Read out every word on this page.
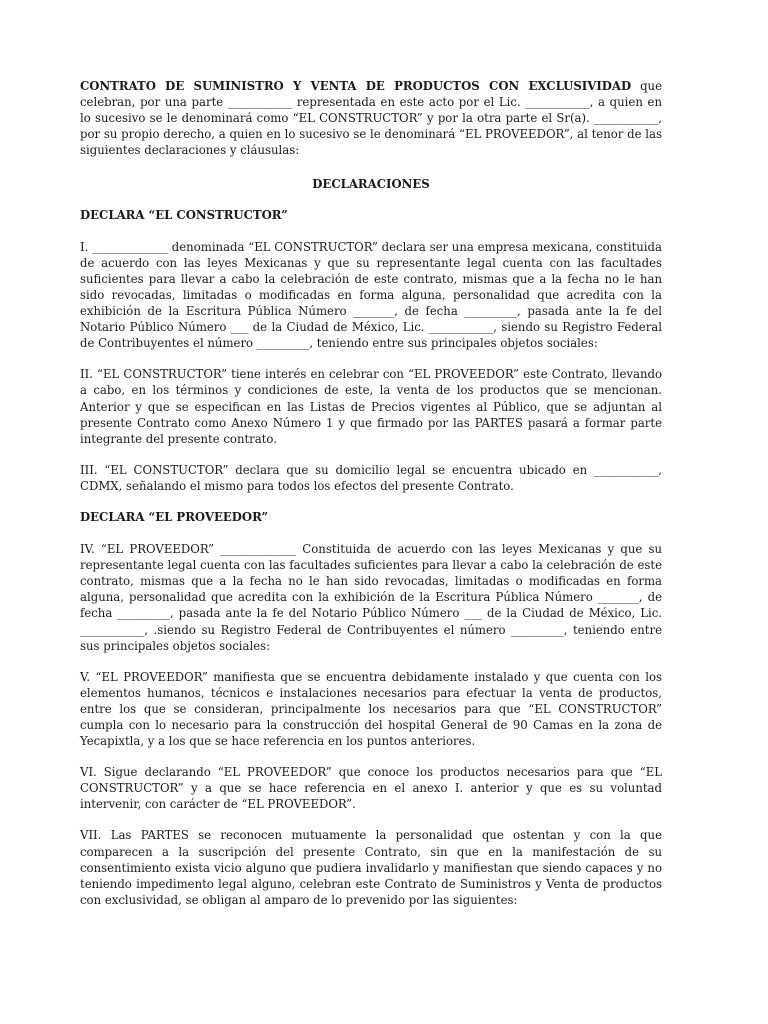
CONTRATO DE SUMINISTRO Y VENTA DE PRODUCTOS CON EXCLUSIVIDAD que celebran, por una parte ___________ representada en este acto por el Lic. ___________, a quien en lo sucesivo se le denominará como “EL CONSTRUCTOR” y por la otra parte el Sr(a). ___________, por su propio derecho, a quien en lo sucesivo se le denominará “EL PROVEEDOR”, al tenor de las siguientes declaraciones y cláusulas:

DECLARACIONES

DECLARA “EL CONSTRUCTOR”

I. _____________ denominada “EL CONSTRUCTOR” declara ser una empresa mexicana, constituida de acuerdo con las leyes Mexicanas y que su representante legal cuenta con las facultades suficientes para llevar a cabo la celebración de este contrato, mismas que a la fecha no le han sido revocadas, limitadas o modificadas en forma alguna, personalidad que acredita con la exhibición de la Escritura Pública Número _______, de fecha _________, pasada ante la fe del Notario Público Número ___ de la Ciudad de México, Lic. ___________, siendo su Registro Federal de Contribuyentes el número _________, teniendo entre sus principales objetos sociales:

II. “EL CONSTRUCTOR” tiene interés en celebrar con “EL PROVEEDOR” este Contrato, llevando a cabo, en los términos y condiciones de este, la venta de los productos que se mencionan. Anterior y que se especifican en las Listas de Precios vigentes al Público, que se adjuntan al presente Contrato como Anexo Número 1 y que firmado por las PARTES pasará a formar parte integrante del presente contrato.

III. “EL CONSTUCTOR” declara que su domicilio legal se encuentra ubicado en ___________, CDMX, señalando el mismo para todos los efectos del presente Contrato.

DECLARA “EL PROVEEDOR”

IV. “EL PROVEEDOR” _____________ Constituida de acuerdo con las leyes Mexicanas y que su representante legal cuenta con las facultades suficientes para llevar a cabo la celebración de este contrato, mismas que a la fecha no le han sido revocadas, limitadas o modificadas en forma alguna, personalidad que acredita con la exhibición de la Escritura Pública Número _______, de fecha _________, pasada ante la fe del Notario Público Número ___ de la Ciudad de México, Lic. ___________, .siendo su Registro Federal de Contribuyentes el número _________, teniendo entre sus principales objetos sociales:

V. “EL PROVEEDOR” manifiesta que se encuentra debidamente instalado y que cuenta con los elementos humanos, técnicos e instalaciones necesarios para efectuar la venta de productos, entre los que se consideran, principalmente los necesarios para que “EL CONSTRUCTOR” cumpla con lo necesario para la construcción del hospital General de 90 Camas en la zona de Yecapixtla, y a los que se hace referencia en los puntos anteriores.

VI. Sigue declarando “EL PROVEEDOR” que conoce los productos necesarios para que “EL CONSTRUCTOR” y a que se hace referencia en el anexo I. anterior y que es su voluntad intervenir, con carácter de “EL PROVEEDOR”.

VII. Las PARTES se reconocen mutuamente la personalidad que ostentan y con la que comparecen a la suscripción del presente Contrato, sin que en la manifestación de su consentimiento exista vicio alguno que pudiera invalidarlo y manifiestan que siendo capaces y no teniendo impedimento legal alguno, celebran este Contrato de Suministros y Venta de productos con exclusividad, se obligan al amparo de lo prevenido por las siguientes:
